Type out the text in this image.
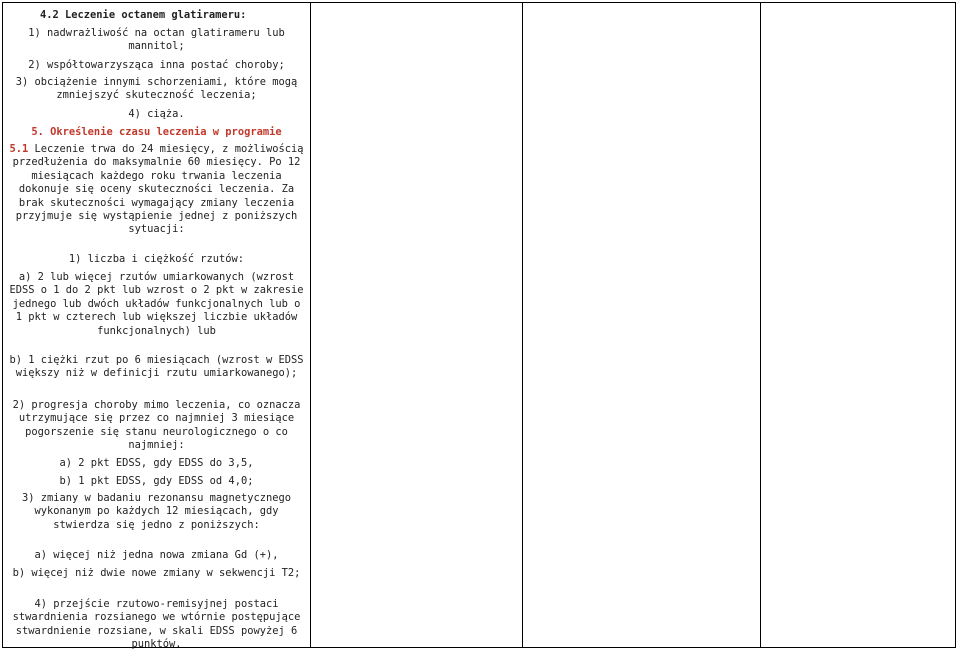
4.2 Leczenie octanem glatirameru:
1) nadwrażliwość na octan glatirameru lub mannitol;
2) współtowarzysząca inna postać choroby;
3) obciążenie innymi schorzeniami, które mogą zmniejszyć skuteczność leczenia;
4) ciąża.
5. Określenie czasu leczenia w programie
5.1 Leczenie trwa do 24 miesięcy, z możliwością przedłużenia do maksymalnie 60 miesięcy. Po 12 miesiącach każdego roku trwania leczenia dokonuje się oceny skuteczności leczenia. Za brak skuteczności wymagający zmiany leczenia przyjmuje się wystąpienie jednej z poniższych sytuacji:
1) liczba i ciężkość rzutów:
a) 2 lub więcej rzutów umiarkowanych (wzrost EDSS o 1 do 2 pkt lub wzrost o 2 pkt w zakresie jednego lub dwóch układów funkcjonalnych lub o 1 pkt w czterech lub większej liczbie układów funkcjonalnych) lub
b) 1 ciężki rzut po 6 miesiącach (wzrost w EDSS większy niż w definicji rzutu umiarkowanego);
2) progresja choroby mimo leczenia, co oznacza utrzymujące się przez co najmniej 3 miesiące pogorszenie się stanu neurologicznego o co najmniej:
a) 2 pkt EDSS, gdy EDSS do 3,5,
b) 1 pkt EDSS, gdy EDSS od 4,0;
3) zmiany w badaniu rezonansu magnetycznego wykonanym po każdych 12 miesiącach, gdy stwierdza się jedno z poniższych:
a) więcej niż jedna nowa zmiana Gd (+),
b) więcej niż dwie nowe zmiany w sekwencji T2;
4) przejście rzutowo-remisyjnej postaci stwardnienia rozsianego we wtórnie postępujące stwardnienie rozsiane, w skali EDSS powyżej 6 punktów.
